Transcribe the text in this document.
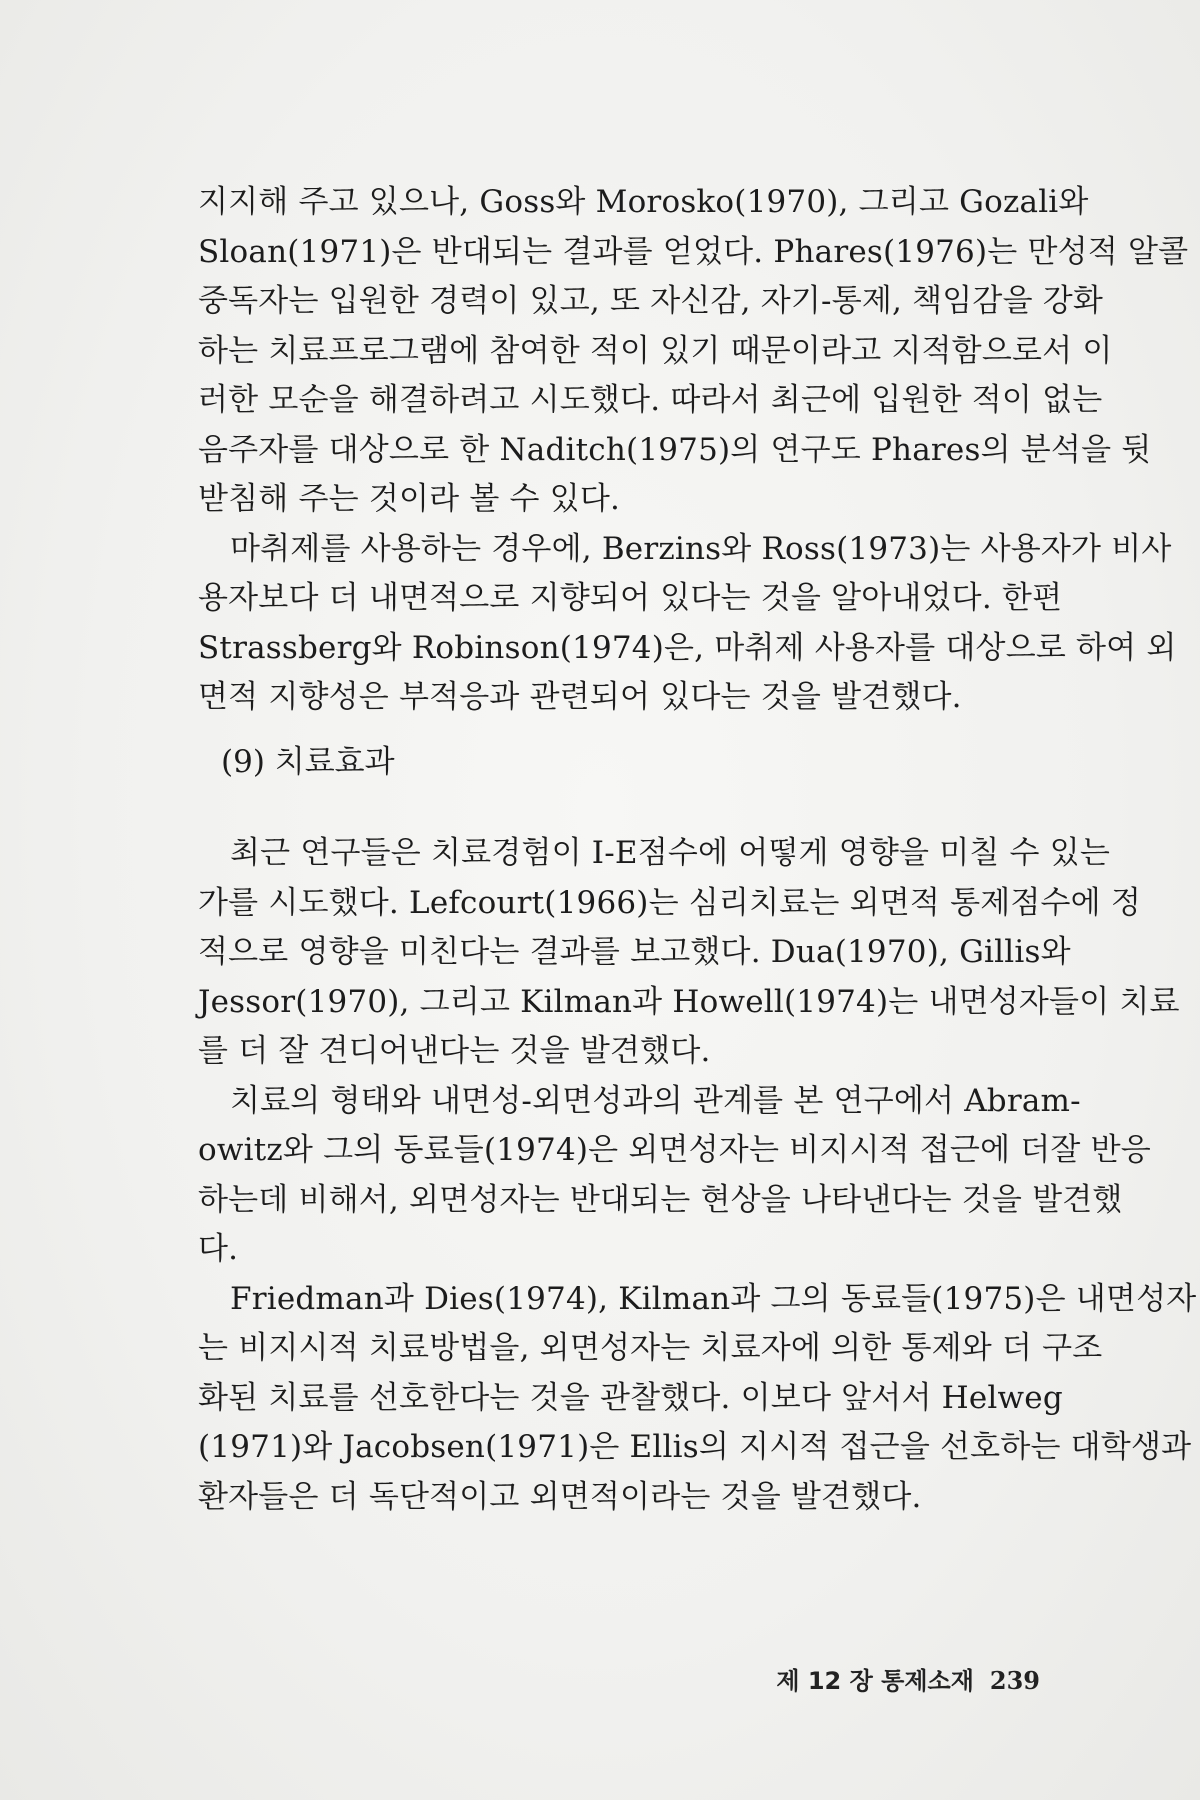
지지해 주고 있으나, Goss와 Morosko(1970), 그리고 Gozali와
Sloan(1971)은 반대되는 결과를 얻었다. Phares(1976)는 만성적 알콜
중독자는 입원한 경력이 있고, 또 자신감, 자기-통제, 책임감을 강화
하는 치료프로그램에 참여한 적이 있기 때문이라고 지적함으로서 이
러한 모순을 해결하려고 시도했다. 따라서 최근에 입원한 적이 없는
음주자를 대상으로 한 Naditch(1975)의 연구도 Phares의 분석을 뒷
받침해 주는 것이라 볼 수 있다.
마취제를 사용하는 경우에, Berzins와 Ross(1973)는 사용자가 비사
용자보다 더 내면적으로 지향되어 있다는 것을 알아내었다. 한편
Strassberg와 Robinson(1974)은, 마취제 사용자를 대상으로 하여 외
면적 지향성은 부적응과 관련되어 있다는 것을 발견했다.
(9) 치료효과
최근 연구들은 치료경험이 I-E점수에 어떻게 영향을 미칠 수 있는
가를 시도했다. Lefcourt(1966)는 심리치료는 외면적 통제점수에 정
적으로 영향을 미친다는 결과를 보고했다. Dua(1970), Gillis와
Jessor(1970), 그리고 Kilman과 Howell(1974)는 내면성자들이 치료
를 더 잘 견디어낸다는 것을 발견했다.
치료의 형태와 내면성-외면성과의 관계를 본 연구에서 Abram-
owitz와 그의 동료들(1974)은 외면성자는 비지시적 접근에 더잘 반응
하는데 비해서, 외면성자는 반대되는 현상을 나타낸다는 것을 발견했
다.
Friedman과 Dies(1974), Kilman과 그의 동료들(1975)은 내면성자
는 비지시적 치료방법을, 외면성자는 치료자에 의한 통제와 더 구조
화된 치료를 선호한다는 것을 관찰했다. 이보다 앞서서 Helweg
(1971)와 Jacobsen(1971)은 Ellis의 지시적 접근을 선호하는 대학생과
환자들은 더 독단적이고 외면적이라는 것을 발견했다.
제 12 장 통제소재 239
